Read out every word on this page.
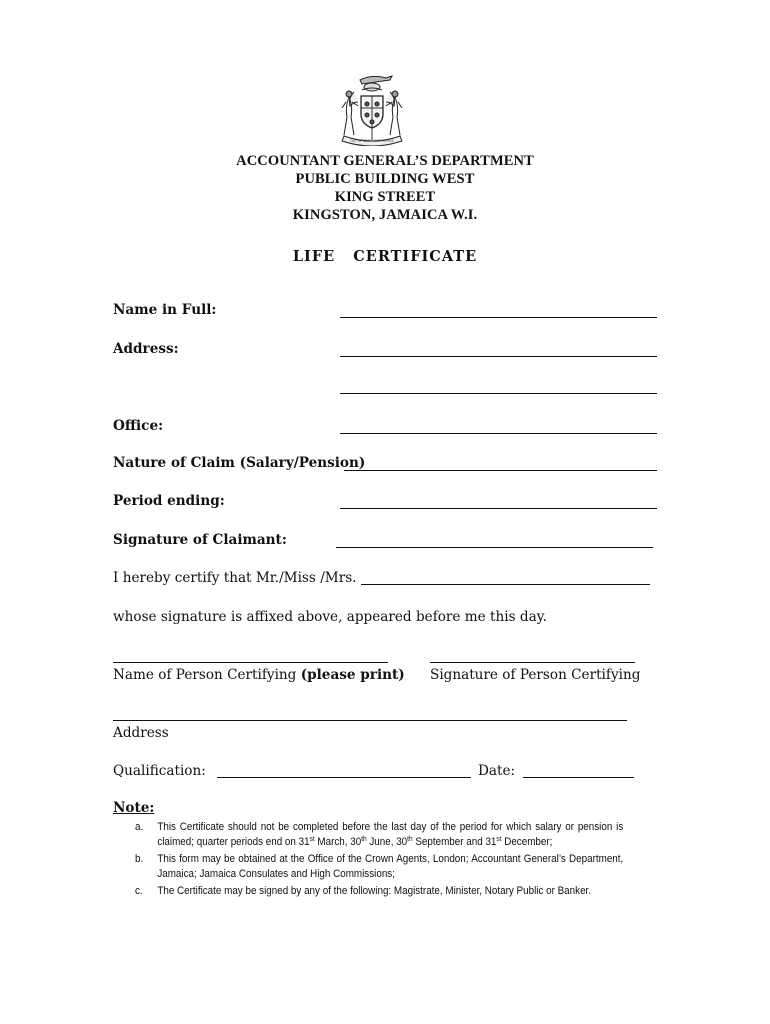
OUT OF MANY ONE PEOPLE
ACCOUNTANT GENERAL’S DEPARTMENT
PUBLIC BUILDING WEST
KING STREET
KINGSTON, JAMAICA W.I.
LIFE CERTIFICATE
Name in Full:
Address:
Office:
Nature of Claim (Salary/Pension)
Period ending:
Signature of Claimant:
I hereby certify that Mr./Miss /Mrs.
whose signature is affixed above, appeared before me this day.
Name of Person Certifying (please print) Signature of Person Certifying
Address
Qualification:	Date:
Note:
a.	This Certificate should not be completed before the last day of the period for which salary or pension is claimed; quarter periods end on 31st March, 30th June, 30th September and 31st December;
b.	This form may be obtained at the Office of the Crown Agents, London; Accountant General’s Department, Jamaica; Jamaica Consulates and High Commissions;
c.	The Certificate may be signed by any of the following: Magistrate, Minister, Notary Public or Banker.
